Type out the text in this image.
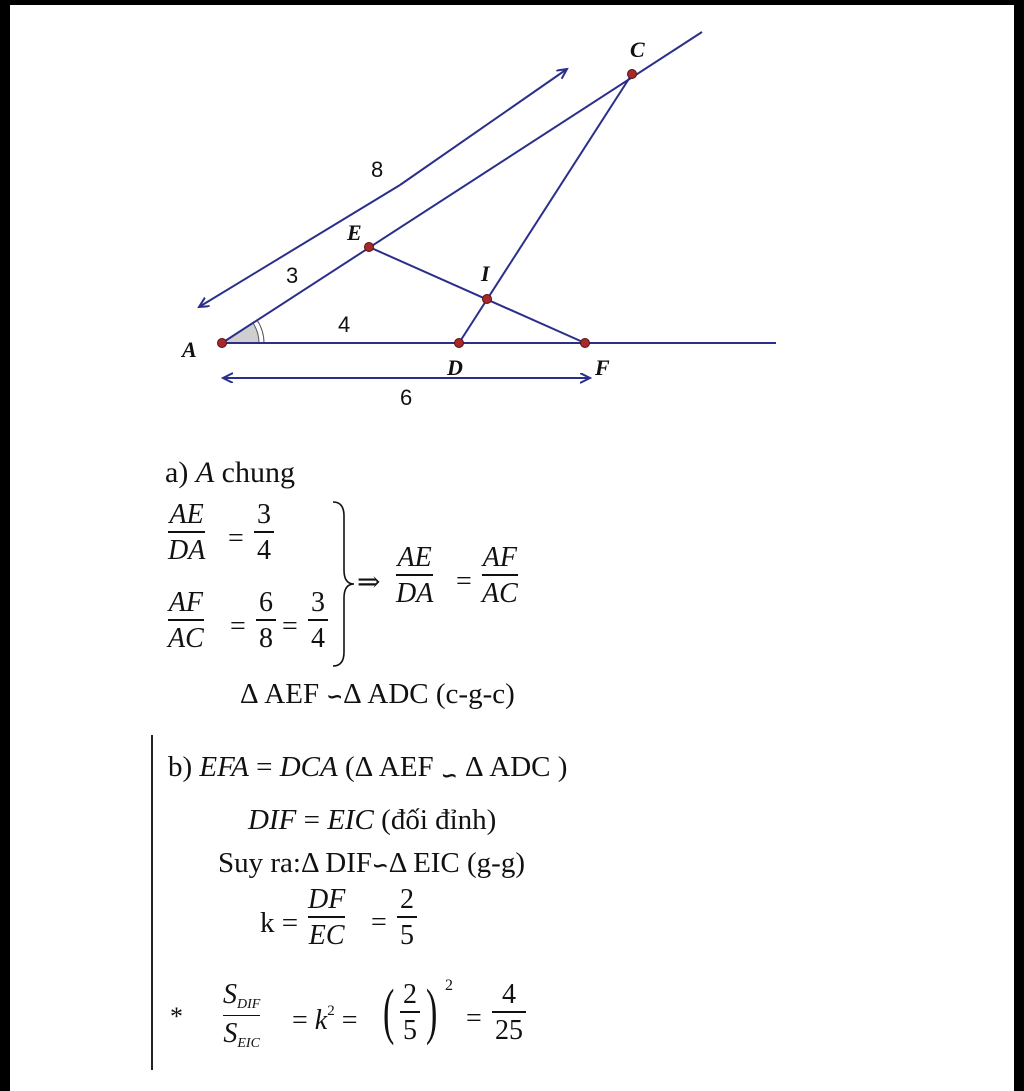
A
E
C
I
D	F
8
3
4
6
a) A chung
AE
DA =
3
4
AF
AC =
6
8 =
3
4
⇒
AE
DA =
AF
AC
Δ AEF ∽Δ ADC (c-g-c)
b) EFA = DCA (Δ AEF $_∽$ Δ ADC )
DIF = EIC (đối đỉnh)
Suy ra:Δ DIF∽Δ EIC (g-g)
k =
DF
EC =
2
5
*
$S_{DIF}$
$S_{EIC}$
= $k^2$ = ( 2
5 ) 2
=
4
25
